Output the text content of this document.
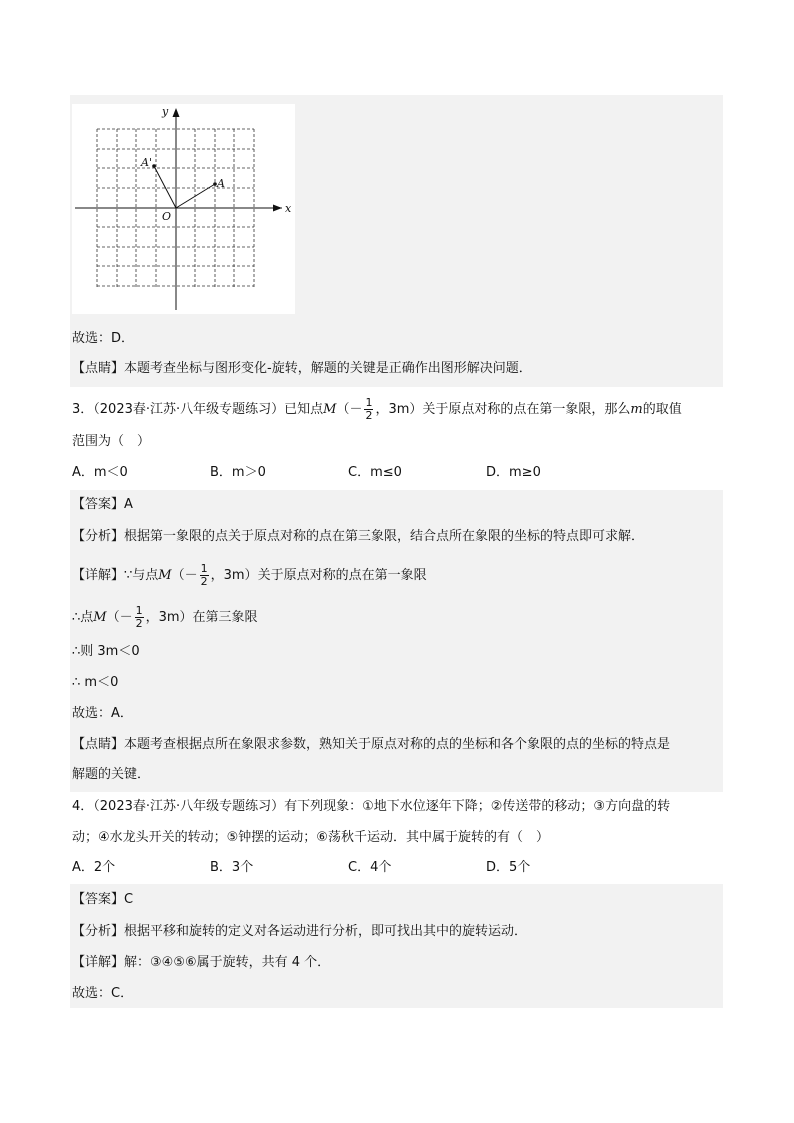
x
y
O
A
A'
故选：D．
【点睛】本题考查坐标与图形变化-旋转，解题的关键是正确作出图形解决问题．
3．（2023春·江苏·八年级专题练习）已知点$M(- \frac{1}{2}$ ，3m）关于原点对称的点在第一象限，那么m的取值
范围为（　）
A．m＜0	B．m＞0	C．m≤0	D．m≥0
【答案】A
【分析】根据第一象限的点关于原点对称的点在第三象限，结合点所在象限的坐标的特点即可求解．
【详解】∵与点$M(- \frac{1}{2}$ ，3m）关于原点对称的点在第一象限
∴点$M(- \frac{1}{2}$ ，3m）在第三象限
∴则 3m＜0
∴ m＜0
故选：A．
【点睛】本题考查根据点所在象限求参数，熟知关于原点对称的点的坐标和各个象限的点的坐标的特点是
解题的关键．
4．（2023春·江苏·八年级专题练习）有下列现象：①地下水位逐年下降；②传送带的移动；③方向盘的转
动；④水龙头开关的转动；⑤钟摆的运动；⑥荡秋千运动．其中属于旋转的有（　）
A．2个	B．3个	C．4个	D．5个
【答案】C
【分析】根据平移和旋转的定义对各运动进行分析，即可找出其中的旋转运动．
【详解】解：③④⑤⑥属于旋转，共有 4 个．
故选：C．
